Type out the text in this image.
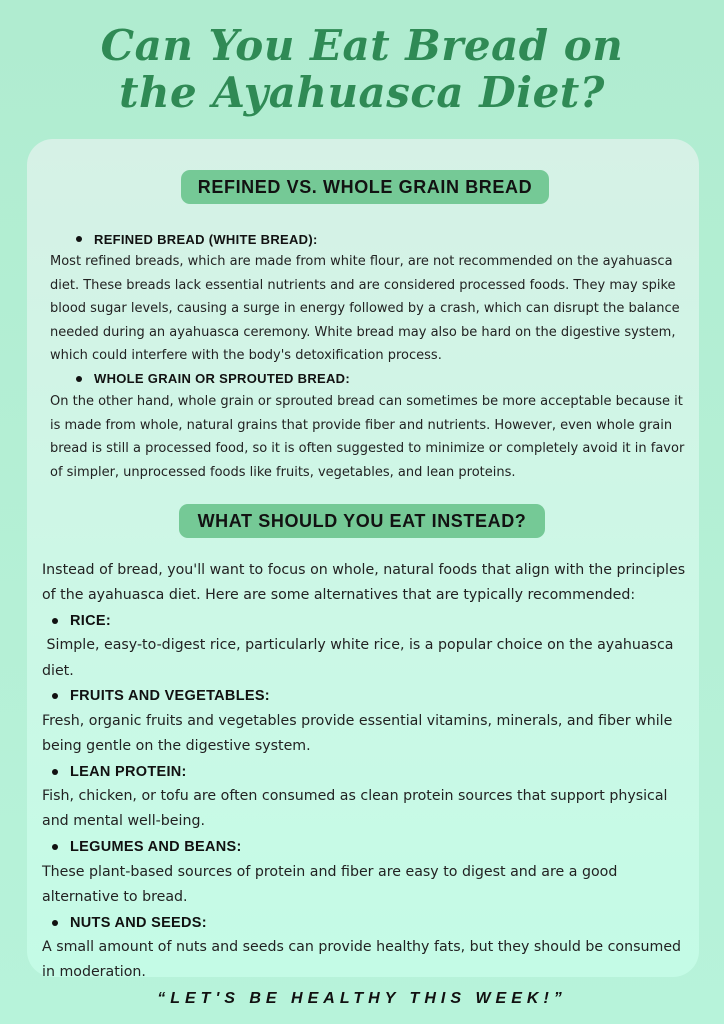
Can You Eat Bread on
the Ayahuasca Diet?
REFINED VS. WHOLE GRAIN BREAD
REFINED BREAD (WHITE BREAD):

Most refined breads, which are made from white flour, are not recommended on the ayahuasca diet. These breads lack essential nutrients and are considered processed foods. They may spike blood sugar levels, causing a surge in energy followed by a crash, which can disrupt the balance needed during an ayahuasca ceremony. White bread may also be hard on the digestive system, which could interfere with the body's detoxification process.

WHOLE GRAIN OR SPROUTED BREAD:

On the other hand, whole grain or sprouted bread can sometimes be more acceptable because it is made from whole, natural grains that provide fiber and nutrients. However, even whole grain bread is still a processed food, so it is often suggested to minimize or completely avoid it in favor of simpler, unprocessed foods like fruits, vegetables, and lean proteins.

WHAT SHOULD YOU EAT INSTEAD?

Instead of bread, you'll want to focus on whole, natural foods that align with the principles of the ayahuasca diet. Here are some alternatives that are typically recommended:

RICE:

Simple, easy-to-digest rice, particularly white rice, is a popular choice on the ayahuasca diet.

FRUITS AND VEGETABLES:

Fresh, organic fruits and vegetables provide essential vitamins, minerals, and fiber while being gentle on the digestive system.

LEAN PROTEIN:

Fish, chicken, or tofu are often consumed as clean protein sources that support physical and mental well-being.

LEGUMES AND BEANS:

These plant-based sources of protein and fiber are easy to digest and are a good alternative to bread.

NUTS AND SEEDS:

A small amount of nuts and seeds can provide healthy fats, but they should be consumed in moderation.

“LET'S BE HEALTHY THIS WEEK!”
